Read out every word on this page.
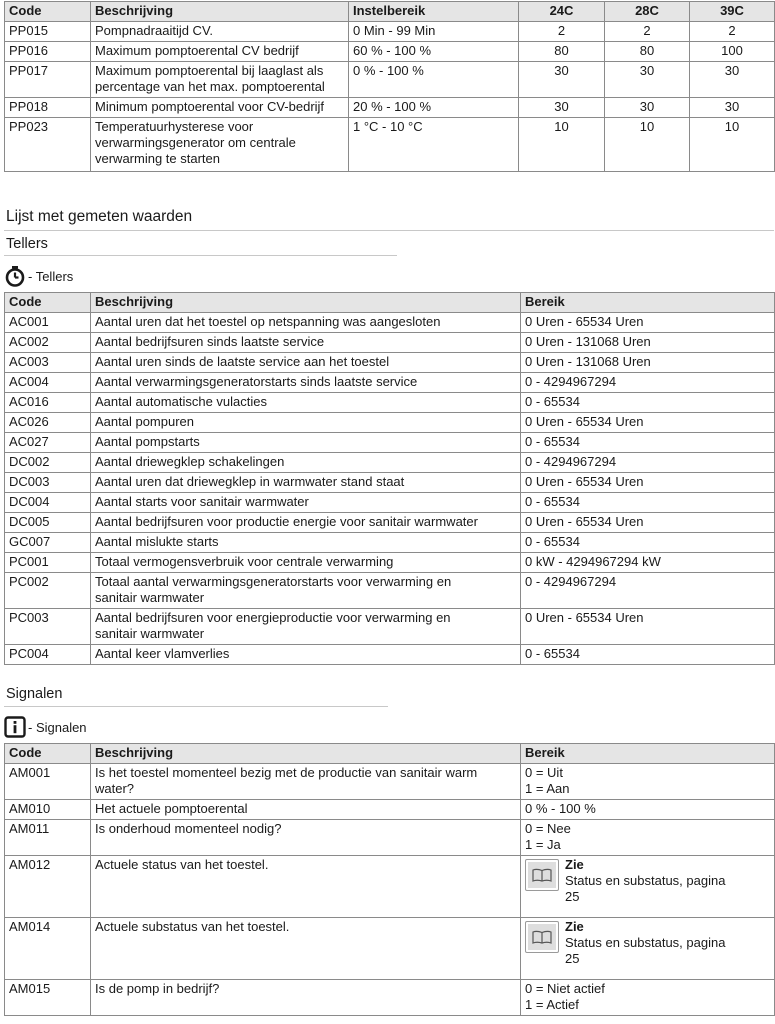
Code	Beschrijving	Instelbereik	24C	28C	39C
PP015	Pompnadraaitijd CV.	0 Min - 99 Min	2	2	2
PP016	Maximum pomptoerental CV bedrijf	60 % - 100 %	80	80	100
PP017	Maximum pomptoerental bij laaglast als
percentage van het max. pomptoerental	0 % - 100 %	30	30	30
PP018	Minimum pomptoerental voor CV-bedrijf	20 % - 100 %	30	30	30
PP023	Temperatuurhysterese voor
verwarmingsgenerator om centrale
verwarming te starten	1 °C - 10 °C	10	10	10
Lijst met gemeten waarden
Tellers
- Tellers
Code	Beschrijving	Bereik
AC001	Aantal uren dat het toestel op netspanning was aangesloten	0 Uren - 65534 Uren
AC002	Aantal bedrijfsuren sinds laatste service	0 Uren - 131068 Uren
AC003	Aantal uren sinds de laatste service aan het toestel	0 Uren - 131068 Uren
AC004	Aantal verwarmingsgeneratorstarts sinds laatste service	0 - 4294967294
AC016	Aantal automatische vulacties	0 - 65534
AC026	Aantal pompuren	0 Uren - 65534 Uren
AC027	Aantal pompstarts	0 - 65534
DC002	Aantal driewegklep schakelingen	0 - 4294967294
DC003	Aantal uren dat driewegklep in warmwater stand staat	0 Uren - 65534 Uren
DC004	Aantal starts voor sanitair warmwater	0 - 65534
DC005	Aantal bedrijfsuren voor productie energie voor sanitair warmwater	0 Uren - 65534 Uren
GC007	Aantal mislukte starts	0 - 65534
PC001	Totaal vermogensverbruik voor centrale verwarming	0 kW - 4294967294 kW
PC002	Totaal aantal verwarmingsgeneratorstarts voor verwarming en
sanitair warmwater	0 - 4294967294
PC003	Aantal bedrijfsuren voor energieproductie voor verwarming en
sanitair warmwater	0 Uren - 65534 Uren
PC004	Aantal keer vlamverlies	0 - 65534
Signalen
- Signalen
Code	Beschrijving	Bereik
AM001	Is het toestel momenteel bezig met de productie van sanitair warm
water?	0 = Uit
1 = Aan
AM010	Het actuele pomptoerental	0 % - 100 %
AM011	Is onderhoud momenteel nodig?	0 = Nee
1 = Ja
AM012	Actuele status van het toestel.	Zie
Status en substatus, pagina
25

AM014	Actuele substatus van het toestel.	Zie
Status en substatus, pagina
25

AM015	Is de pomp in bedrijf?	0 = Niet actief
1 = Actief
